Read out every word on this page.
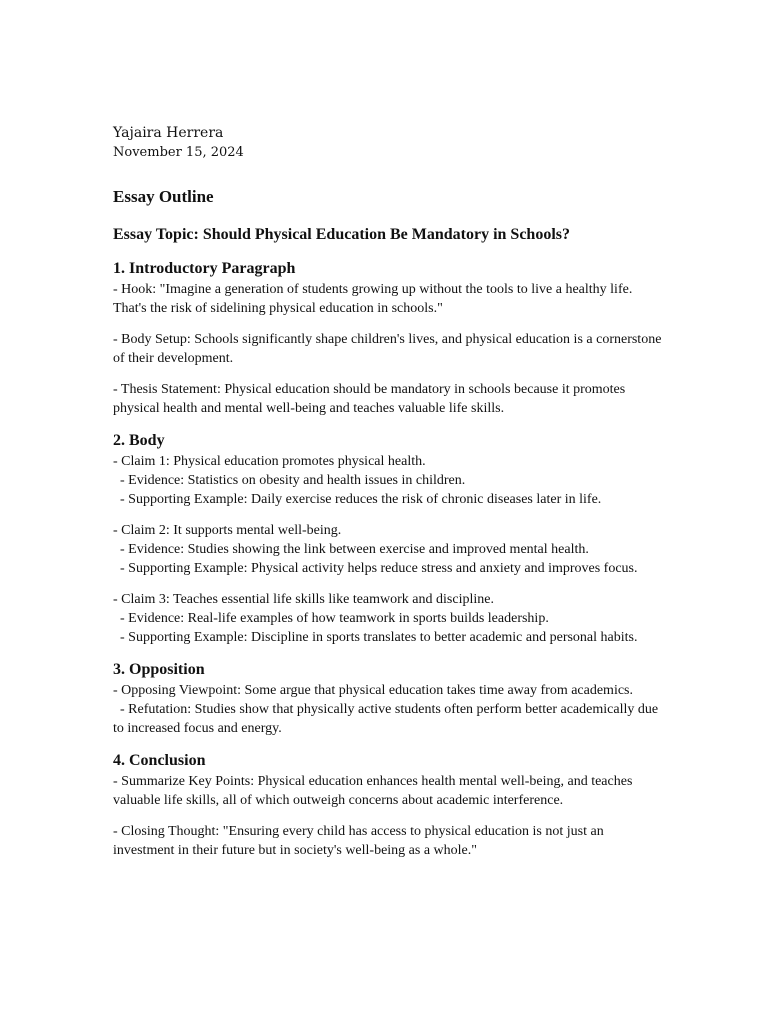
Yajaira Herrera

November 15, 2024

Essay Outline

Essay Topic: Should Physical Education Be Mandatory in Schools?

1. Introductory Paragraph

- Hook: "Imagine a generation of students growing up without the tools to live a healthy life. That's the risk of sidelining physical education in schools."

- Body Setup: Schools significantly shape children's lives, and physical education is a cornerstone of their development.

- Thesis Statement: Physical education should be mandatory in schools because it promotes physical health and mental well-being and teaches valuable life skills.

2. Body

- Claim 1: Physical education promotes physical health.
- Evidence: Statistics on obesity and health issues in children.
- Supporting Example: Daily exercise reduces the risk of chronic diseases later in life.

- Claim 2: It supports mental well-being.
- Evidence: Studies showing the link between exercise and improved mental health.
- Supporting Example: Physical activity helps reduce stress and anxiety and improves focus.

- Claim 3: Teaches essential life skills like teamwork and discipline.
- Evidence: Real-life examples of how teamwork in sports builds leadership.
- Supporting Example: Discipline in sports translates to better academic and personal habits.

3. Opposition

- Opposing Viewpoint: Some argue that physical education takes time away from academics.
- Refutation: Studies show that physically active students often perform better academically due to increased focus and energy.

4. Conclusion

- Summarize Key Points: Physical education enhances health mental well-being, and teaches valuable life skills, all of which outweigh concerns about academic interference.

- Closing Thought: "Ensuring every child has access to physical education is not just an investment in their future but in society's well-being as a whole."
